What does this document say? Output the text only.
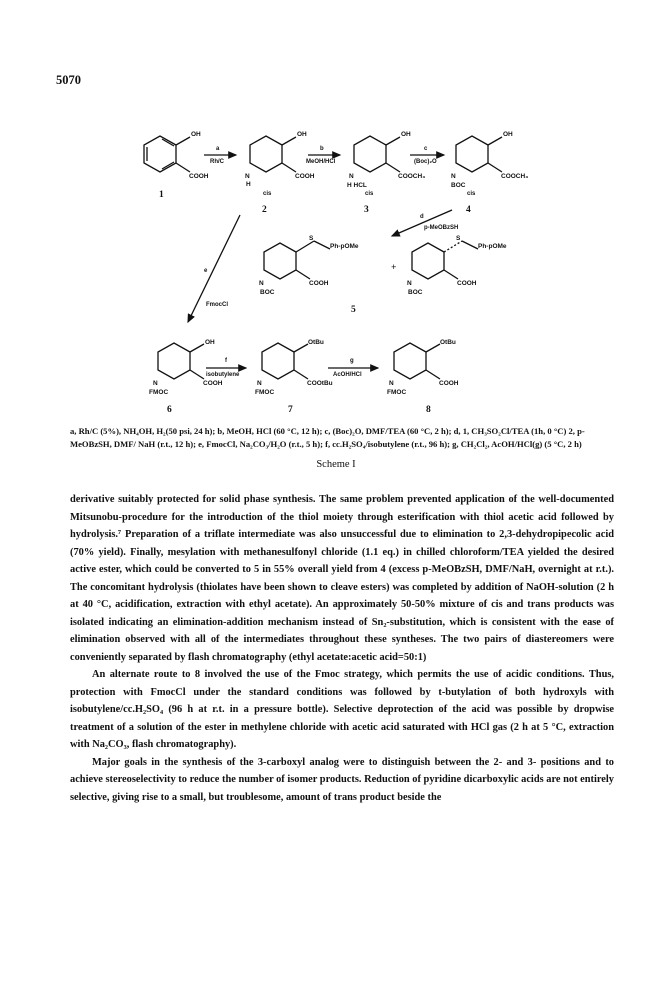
5070
OH
COOH
1
a
Rh/C
OH
COOH
N
H
cis
2
b
MeOH/HCl
OH
COOCH₃
N
H HCL
cis
3
c
(Boc)₂O
OH
COOCH₃
N
BOC
cis
4
d
p-MeOBzSH
S
Ph-pOMe
COOH
N
BOC
+
S
Ph-pOMe
COOH
N
BOC
5
e
FmocCl
OH
COOH
N
FMOC
6
f
isobutylene
OtBu
COOtBu
N
FMOC
7
g
AcOH/HCl
OtBu
COOH
N
FMOC
8
a, Rh/C (5%), NH₄OH, H₂(50 psi, 24 h); b, MeOH, HCl (60 °C, 12 h); c, (Boc)₂O, DMF/TEA (60 °C, 2 h); d, 1, CH₃SO₂Cl/TEA (1h, 0 °C) 2, p-MeOBzSH, DMF/ NaH (r.t., 12 h); e, FmocCl, Na₂CO₃/H₂O (r.t., 5 h); f, cc.H₂SO₄/isobutylene (r.t., 96 h); g, CH₂Cl₂, AcOH/HCl(g) (5 °C, 2 h)
Scheme I

derivative suitably protected for solid phase synthesis. The same problem prevented application of the well-documented Mitsunobu-procedure for the introduction of the thiol moiety through esterification with thiol acetic acid followed by hydrolysis.⁷ Preparation of a triflate intermediate was also unsuccessful due to elimination to 2,3-dehydropipecolic acid (70% yield). Finally, mesylation with methanesulfonyl chloride (1.1 eq.) in chilled chloroform/TEA yielded the desired active ester, which could be converted to 5 in 55% overall yield from 4 (excess p-MeOBzSH, DMF/NaH, overnight at r.t.). The concomitant hydrolysis (thiolates have been shown to cleave esters) was completed by addition of NaOH-solution (2 h at 40 °C, acidification, extraction with ethyl acetate). An approximately 50-50% mixture of cis and trans products was isolated indicating an elimination-addition mechanism instead of Sn₂-substitution, which is consistent with the ease of elimination observed with all of the intermediates throughout these syntheses. The two pairs of diastereomers were conveniently separated by flash chromatography (ethyl acetate:acetic acid=50:1)

An alternate route to 8 involved the use of the Fmoc strategy, which permits the use of acidic conditions. Thus, protection with FmocCl under the standard conditions was followed by t-butylation of both hydroxyls with isobutylene/cc.H₂SO₄ (96 h at r.t. in a pressure bottle). Selective deprotection of the acid was possible by dropwise treatment of a solution of the ester in methylene chloride with acetic acid saturated with HCl gas (2 h at 5 °C, extraction with Na₂CO₃, flash chromatography).

Major goals in the synthesis of the 3-carboxyl analog were to distinguish between the 2- and 3- positions and to achieve stereoselectivity to reduce the number of isomer products. Reduction of pyridine dicarboxylic acids are not entirely selective, giving rise to a small, but troublesome, amount of trans product beside the
